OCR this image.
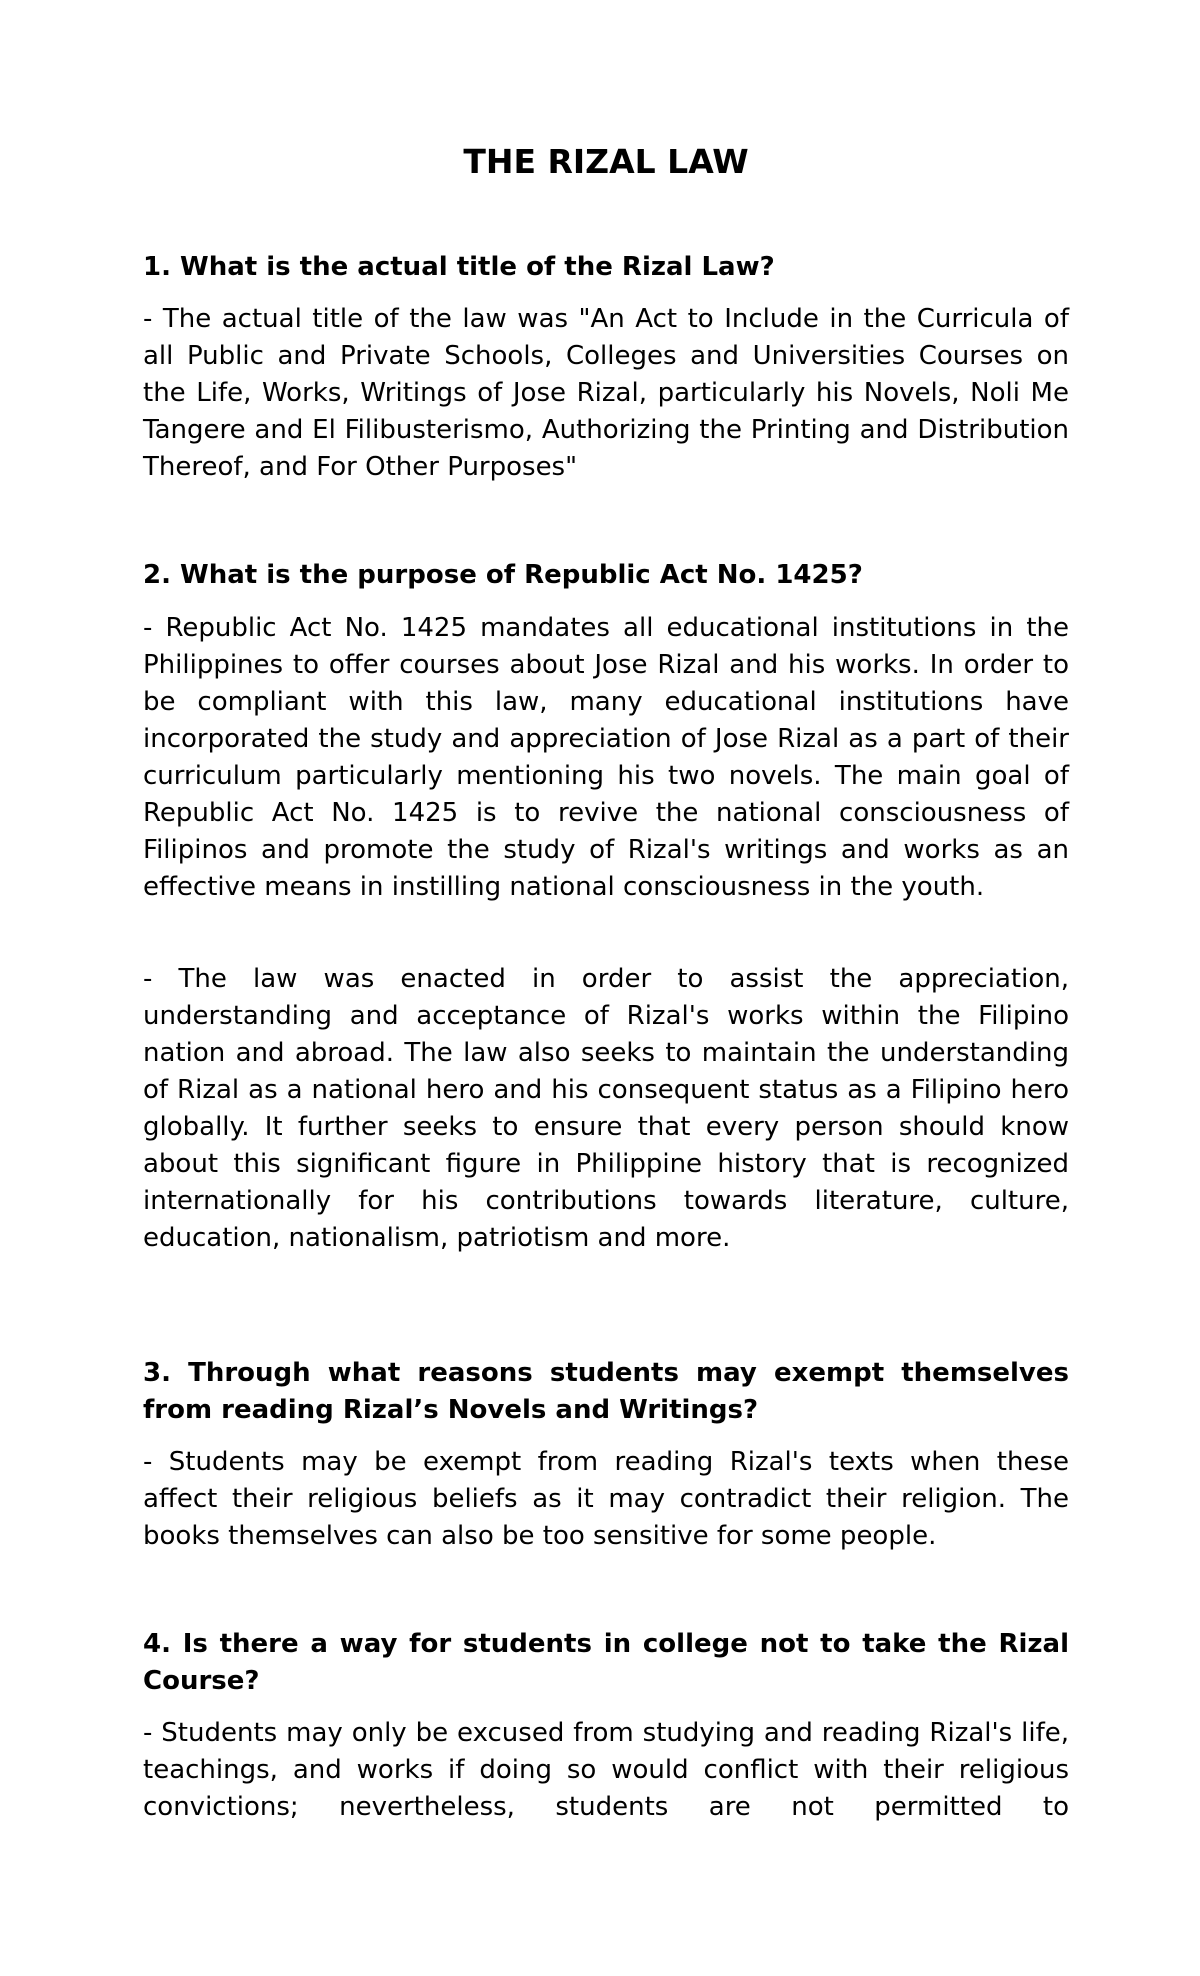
THE RIZAL LAW

1. What is the actual title of the Rizal Law?

- The actual title of the law was "An Act to Include in the Curricula of all Public and Private Schools, Colleges and Universities Courses on the Life, Works, Writings of Jose Rizal, particularly his Novels, Noli Me Tangere and El Filibusterismo, Authorizing the Printing and Distribution Thereof, and For Other Purposes"

2. What is the purpose of Republic Act No. 1425?

- Republic Act No. 1425 mandates all educational institutions in the Philippines to offer courses about Jose Rizal and his works. In order to be compliant with this law, many educational institutions have incorporated the study and appreciation of Jose Rizal as a part of their curriculum particularly mentioning his two novels. The main goal of Republic Act No. 1425 is to revive the national consciousness of Filipinos and promote the study of Rizal's writings and works as an effective means in instilling national consciousness in the youth.

- The law was enacted in order to assist the appreciation, understanding and acceptance of Rizal's works within the Filipino nation and abroad. The law also seeks to maintain the understanding of Rizal as a national hero and his consequent status as a Filipino hero globally. It further seeks to ensure that every person should know about this significant figure in Philippine history that is recognized internationally for his contributions towards literature, culture, education, nationalism, patriotism and more.

3. Through what reasons students may exempt themselves from reading Rizal’s Novels and Writings?

- Students may be exempt from reading Rizal's texts when these affect their religious beliefs as it may contradict their religion. The books themselves can also be too sensitive for some people.

4. Is there a way for students in college not to take the Rizal Course?

- Students may only be excused from studying and reading Rizal's life, teachings, and works if doing so would conflict with their religious convictions; nevertheless, students are not permitted to
